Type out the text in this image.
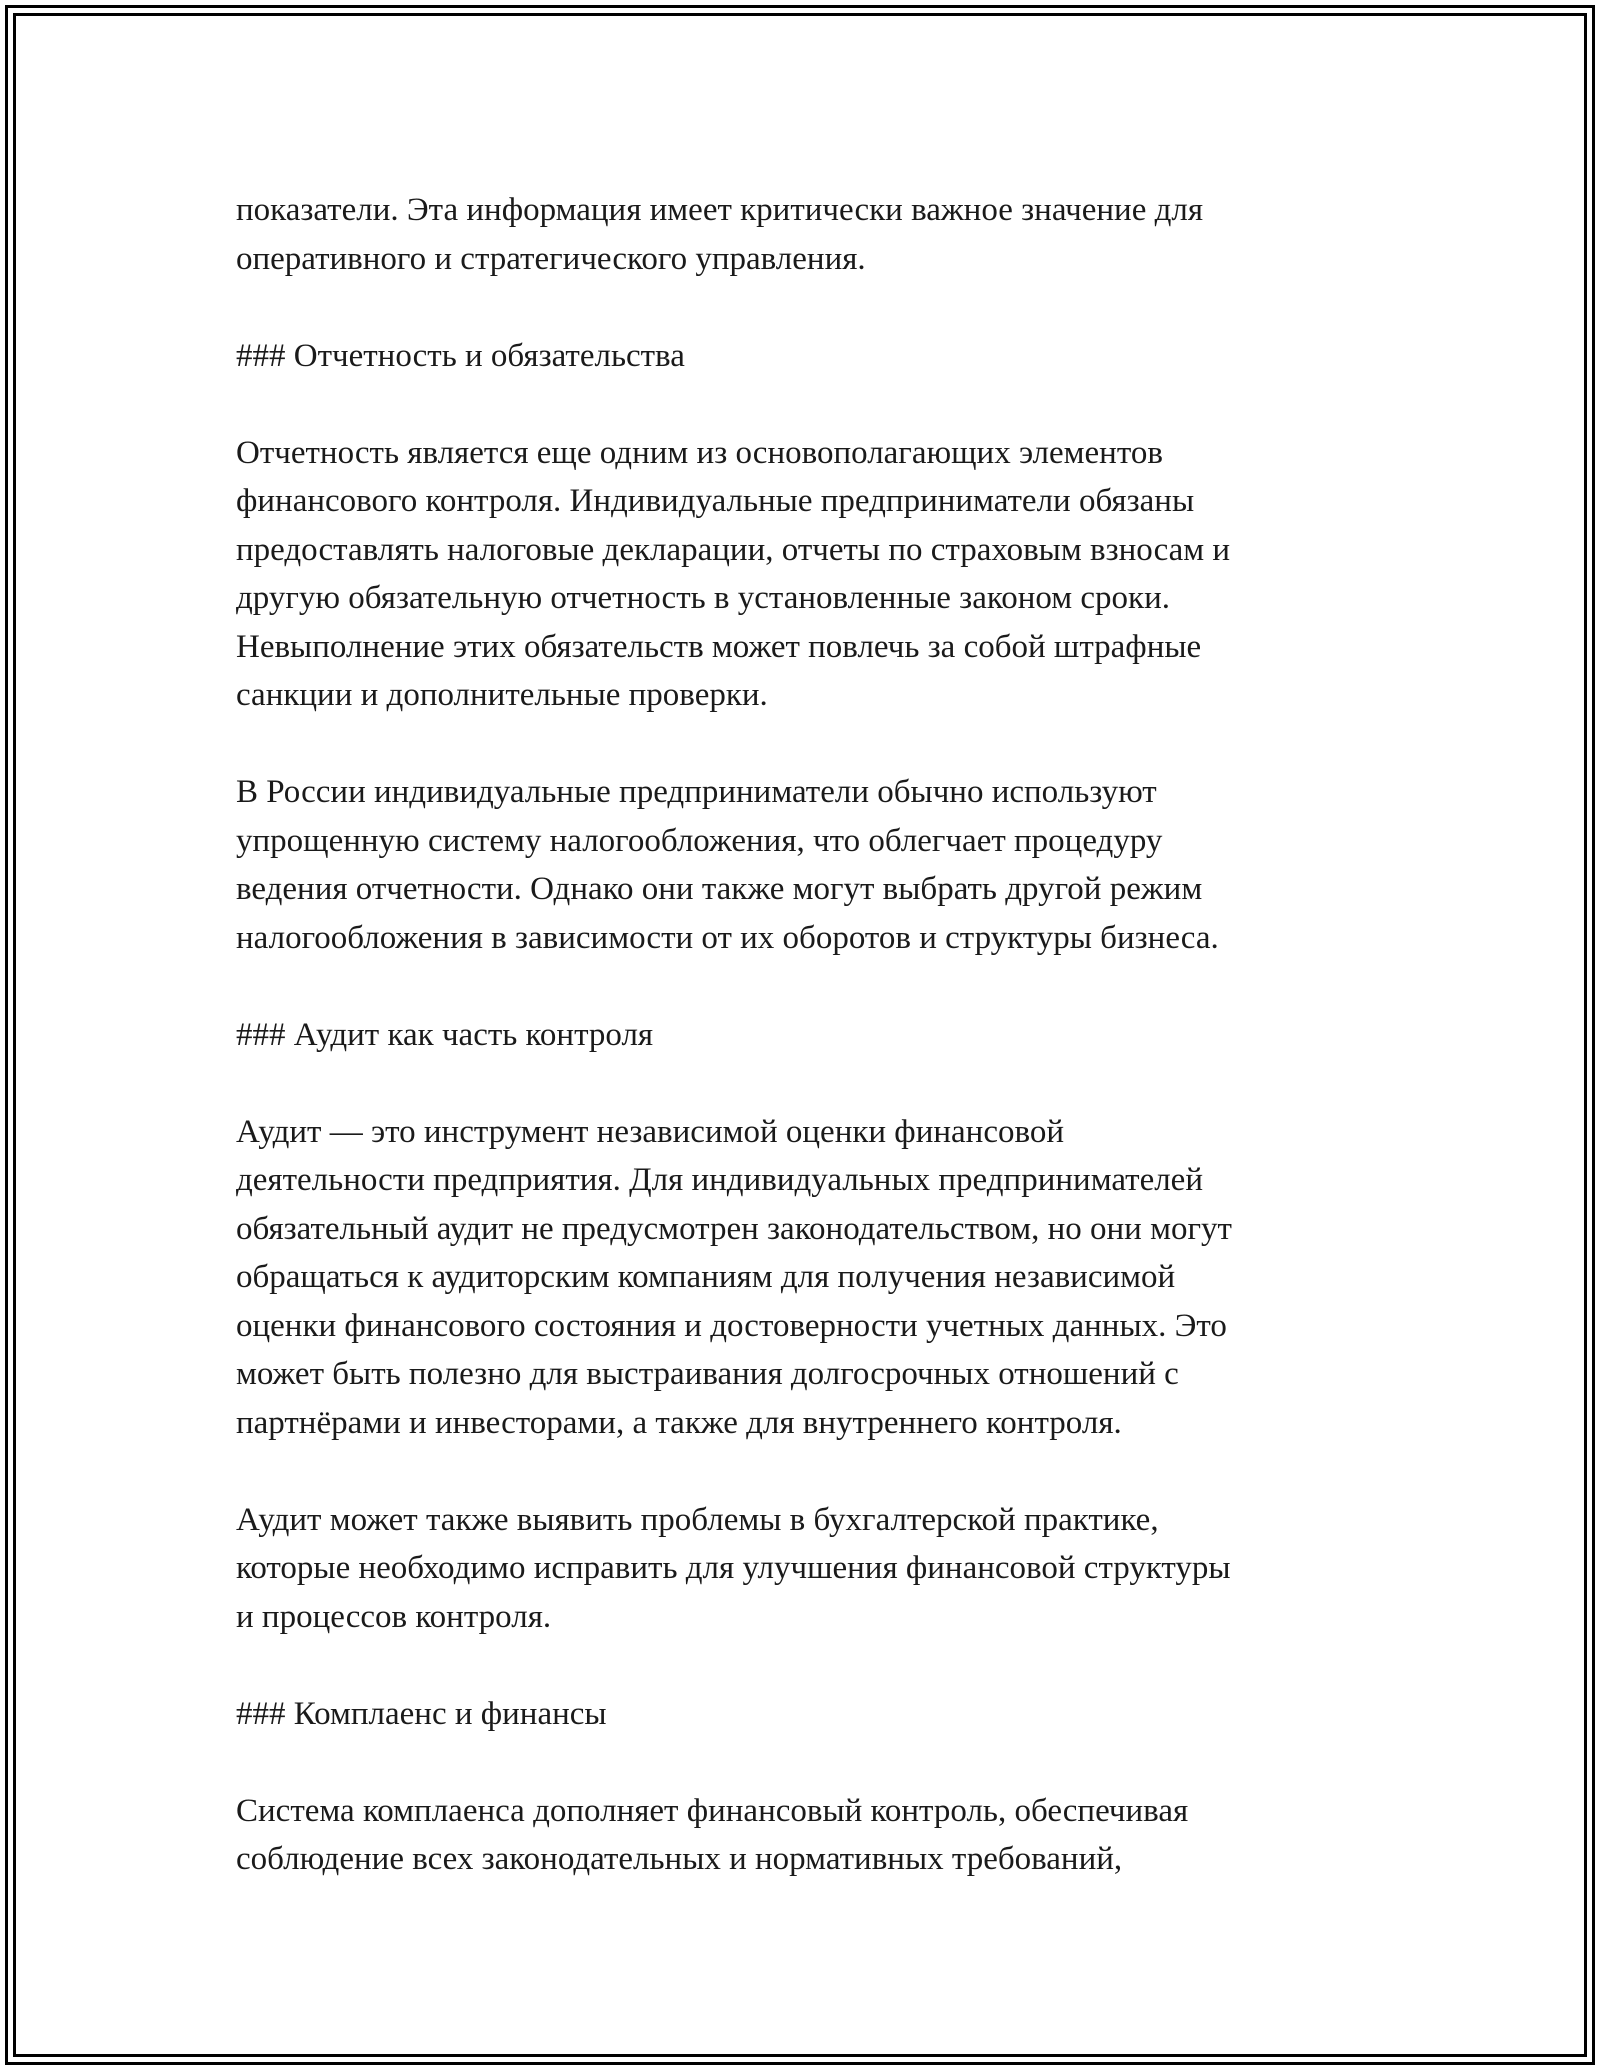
показатели. Эта информация имеет критически важное значение для
оперативного и стратегического управления.

### Отчетность и обязательства

Отчетность является еще одним из основополагающих элементов
финансового контроля. Индивидуальные предприниматели обязаны
предоставлять налоговые декларации, отчеты по страховым взносам и
другую обязательную отчетность в установленные законом сроки.
Невыполнение этих обязательств может повлечь за собой штрафные
санкции и дополнительные проверки.

В России индивидуальные предприниматели обычно используют
упрощенную систему налогообложения, что облегчает процедуру
ведения отчетности. Однако они также могут выбрать другой режим
налогообложения в зависимости от их оборотов и структуры бизнеса.

### Аудит как часть контроля

Аудит — это инструмент независимой оценки финансовой
деятельности предприятия. Для индивидуальных предпринимателей
обязательный аудит не предусмотрен законодательством, но они могут
обращаться к аудиторским компаниям для получения независимой
оценки финансового состояния и достоверности учетных данных. Это
может быть полезно для выстраивания долгосрочных отношений с
партнёрами и инвесторами, а также для внутреннего контроля.

Аудит может также выявить проблемы в бухгалтерской практике,
которые необходимо исправить для улучшения финансовой структуры
и процессов контроля.

### Комплаенс и финансы

Система комплаенса дополняет финансовый контроль, обеспечивая
соблюдение всех законодательных и нормативных требований,
